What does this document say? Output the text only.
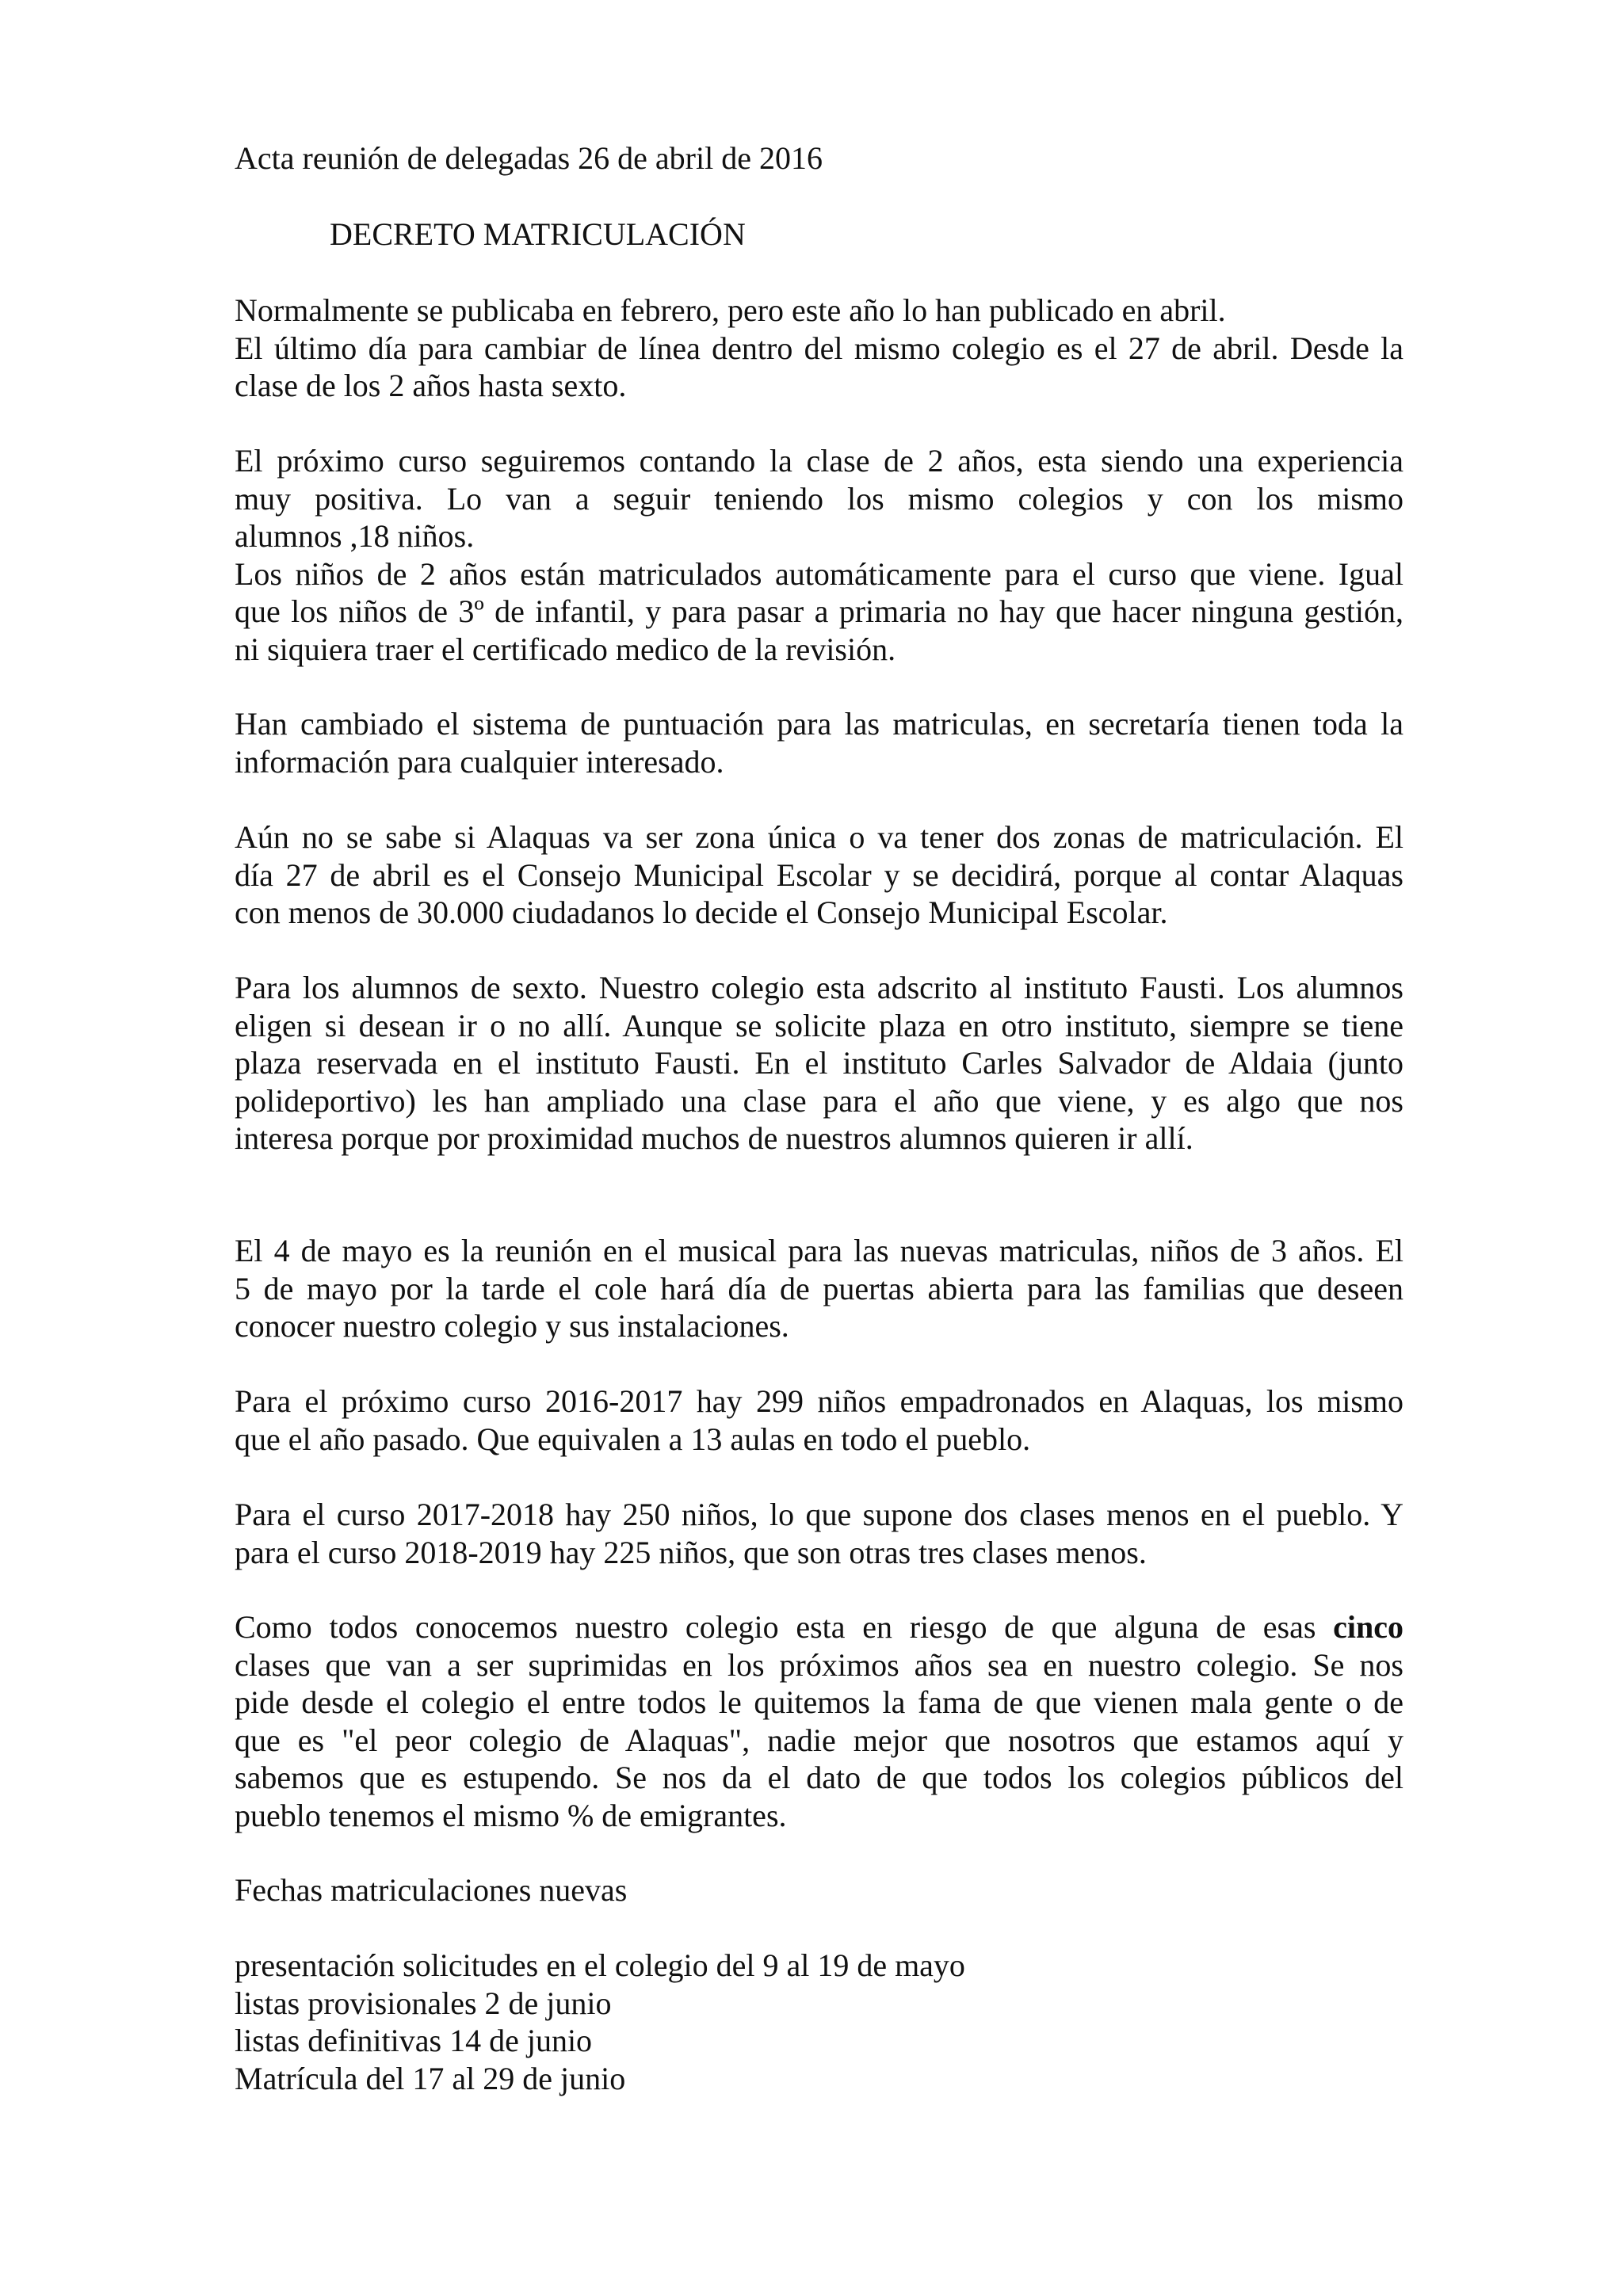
Acta reunión de delegadas 26 de abril de 2016
DECRETO MATRICULACIÓN
Normalmente se publicaba en febrero, pero este año lo han publicado en abril.
El último día para cambiar de línea dentro del mismo colegio es el 27 de abril. Desde la
clase de los 2 años hasta sexto.
El próximo curso seguiremos contando la clase de 2 años, esta siendo una experiencia
muy positiva. Lo van a seguir teniendo los mismo colegios y con los mismo
alumnos ,18 niños.
Los niños de 2 años están matriculados automáticamente para el curso que viene. Igual
que los niños de 3º de infantil, y para pasar a primaria no hay que hacer ninguna gestión,
ni siquiera traer el certificado medico de la revisión.
Han cambiado el sistema de puntuación para las matriculas, en secretaría tienen toda la
información para cualquier interesado.
Aún no se sabe si Alaquas va ser zona única o va tener dos zonas de matriculación. El
día 27 de abril es el Consejo Municipal Escolar y se decidirá, porque al contar Alaquas
con menos de 30.000 ciudadanos lo decide el Consejo Municipal Escolar.
Para los alumnos de sexto. Nuestro colegio esta adscrito al instituto Fausti. Los alumnos
eligen si desean ir o no allí. Aunque se solicite plaza en otro instituto, siempre se tiene
plaza reservada en el instituto Fausti. En el instituto Carles Salvador de Aldaia (junto
polideportivo) les han ampliado una clase para el año que viene, y es algo que nos
interesa porque por proximidad muchos de nuestros alumnos quieren ir allí.
El 4 de mayo es la reunión en el musical para las nuevas matriculas, niños de 3 años. El
5 de mayo por la tarde el cole hará día de puertas abierta para las familias que deseen
conocer nuestro colegio y sus instalaciones.
Para el próximo curso 2016-2017 hay 299 niños empadronados en Alaquas, los mismo
que el año pasado. Que equivalen a 13 aulas en todo el pueblo.
Para el curso 2017-2018 hay 250 niños, lo que supone dos clases menos en el pueblo. Y
para el curso 2018-2019 hay 225 niños, que son otras tres clases menos.
Como todos conocemos nuestro colegio esta en riesgo de que alguna de esas cinco
clases que van a ser suprimidas en los próximos años sea en nuestro colegio. Se nos
pide desde el colegio el entre todos le quitemos la fama de que vienen mala gente o de
que es "el peor colegio de Alaquas", nadie mejor que nosotros que estamos aquí y
sabemos que es estupendo. Se nos da el dato de que todos los colegios públicos del
pueblo tenemos el mismo % de emigrantes.
Fechas matriculaciones nuevas
presentación solicitudes en el colegio del 9 al 19 de mayo
listas provisionales 2 de junio
listas definitivas 14 de junio
Matrícula del 17 al 29 de junio
